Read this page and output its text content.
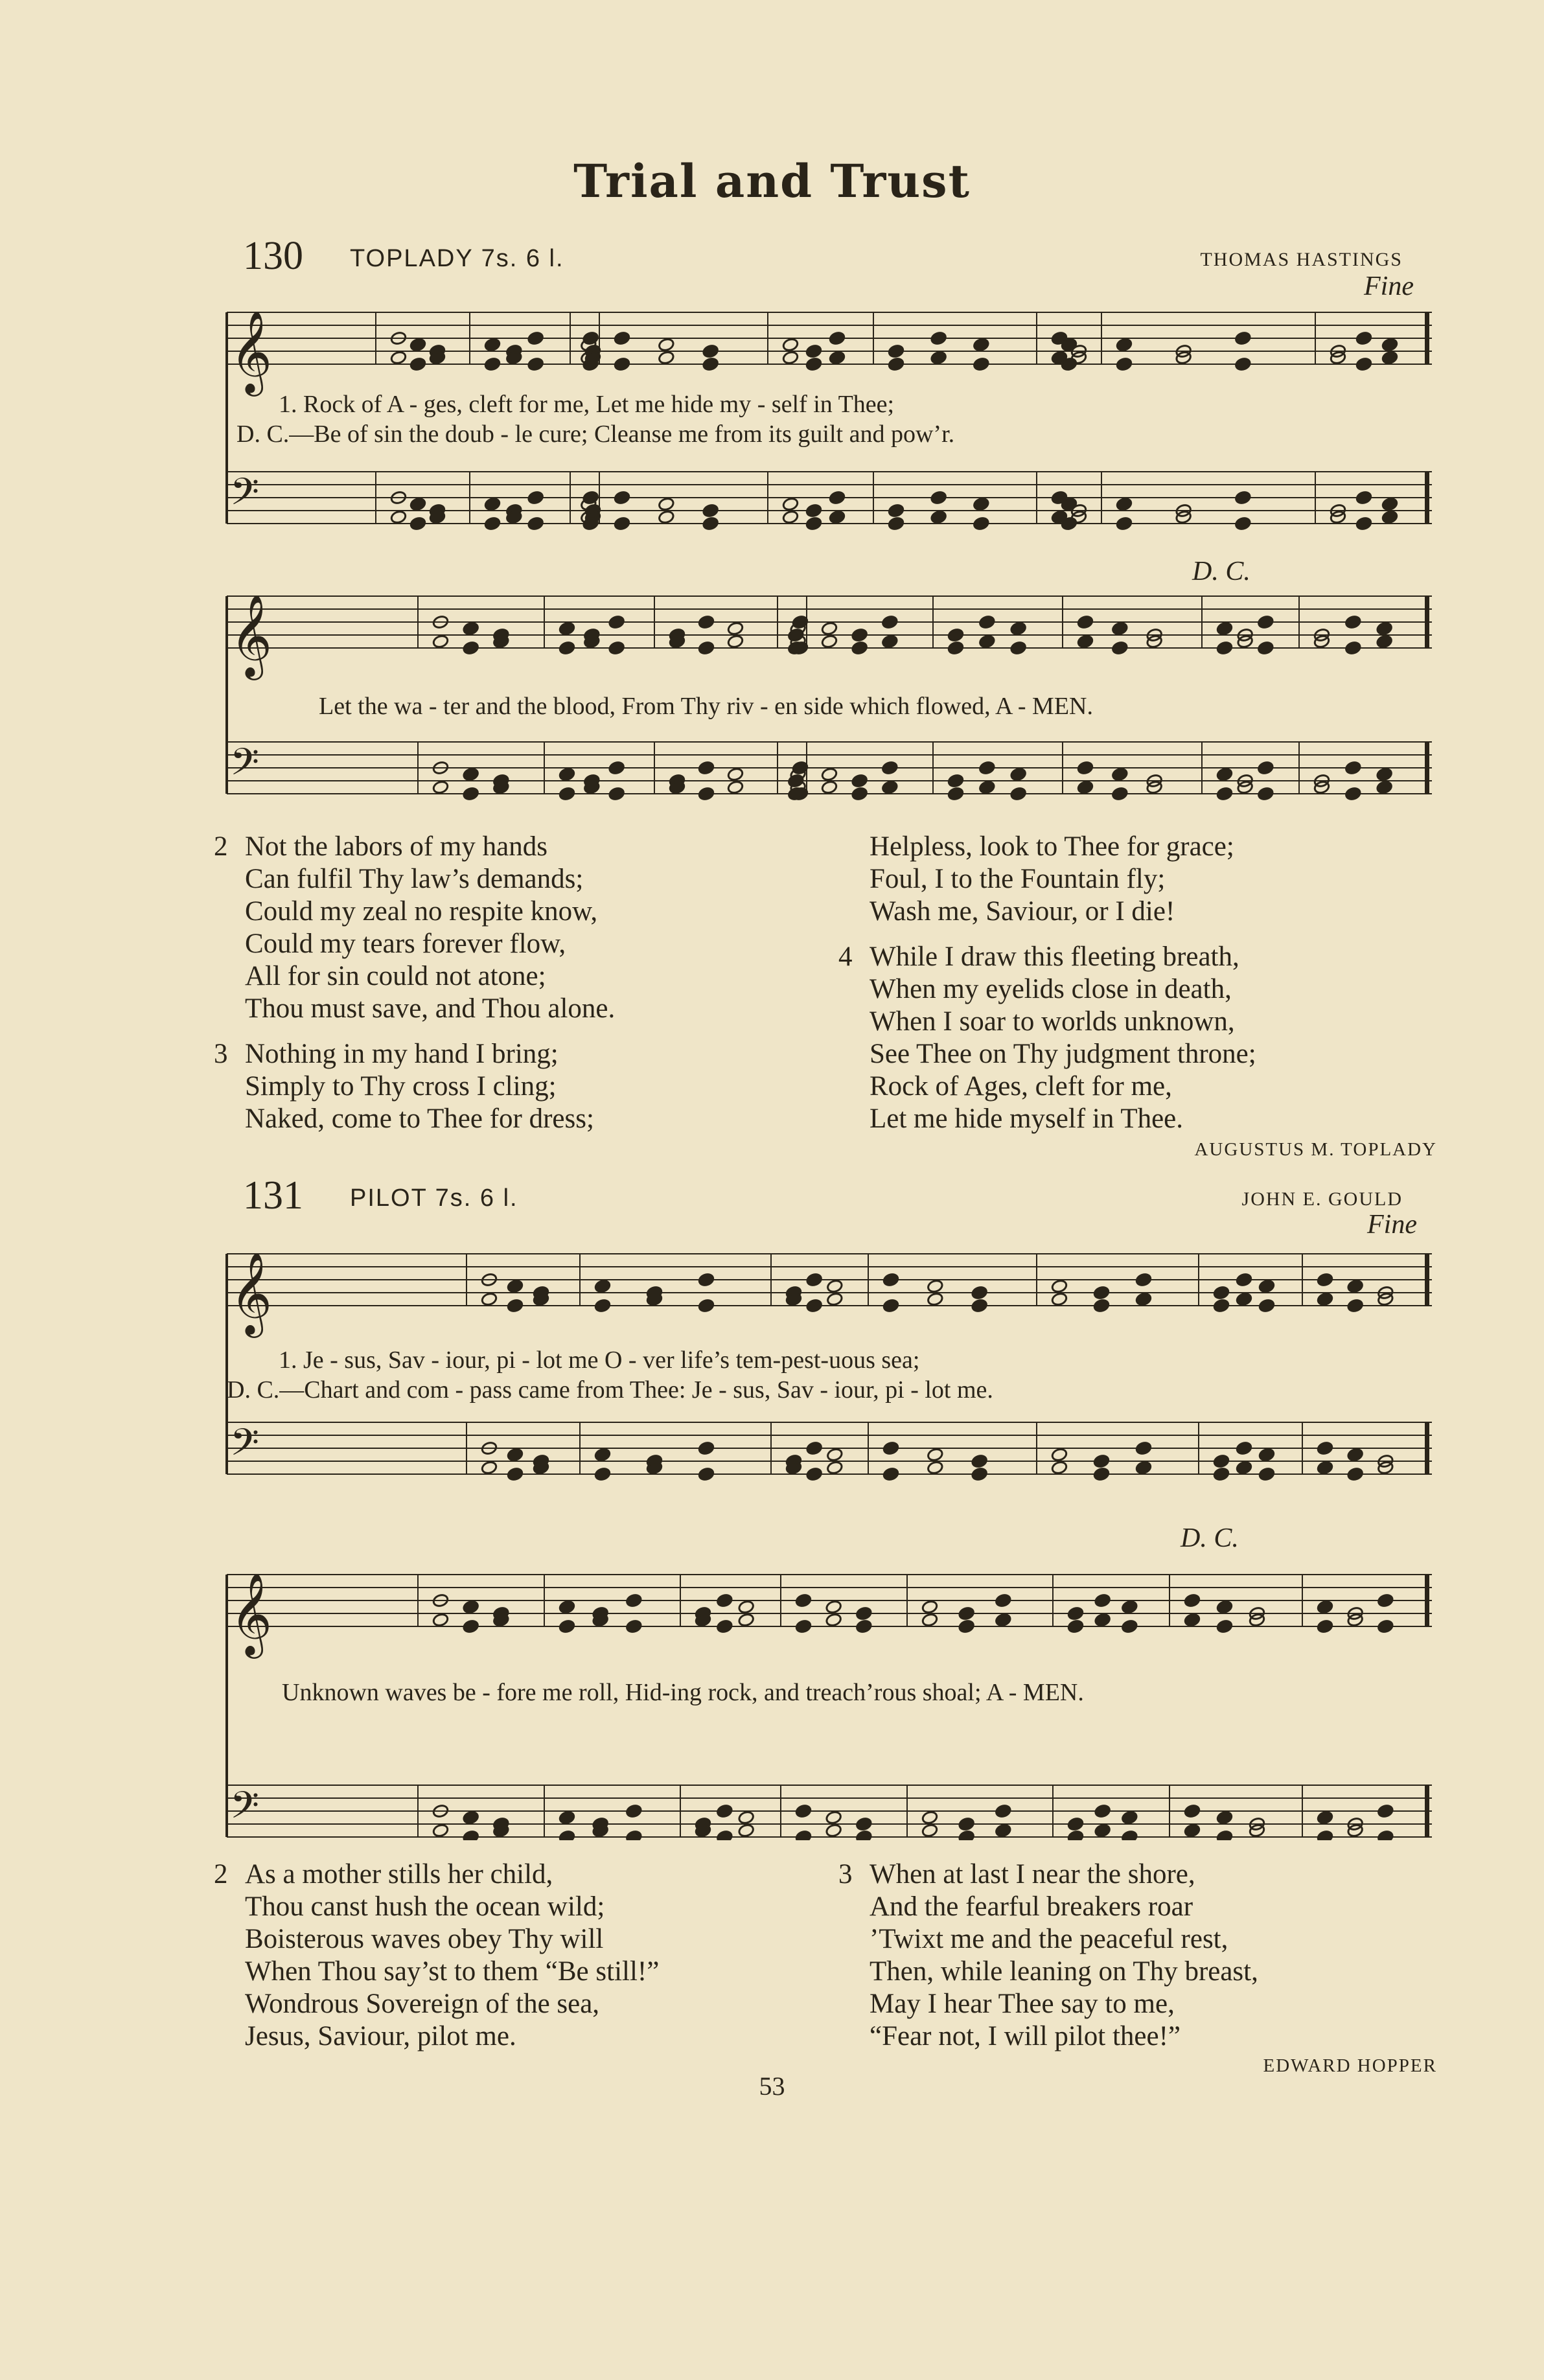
Trial and Trust
130 TOPLADY 7s. 6 l.	THOMAS HASTINGS
Fine
𝄞
𝄢
1. Rock of A - ges, cleft for me, Let me hide my - self in Thee;
D. C.—Be of sin the doub - le cure; Cleanse me from its guilt and pow’r.
D. C.
𝄞
𝄢
Let the wa - ter and the blood, From Thy riv - en side which flowed, A - MEN.
2 Not the labors of my hands
Can fulfil Thy law’s demands;
Could my zeal no respite know,
Could my tears forever flow,
All for sin could not atone;
Thou must save, and Thou alone.
3 Nothing in my hand I bring;
Simply to Thy cross I cling;
Naked, come to Thee for dress;
Helpless, look to Thee for grace;
Foul, I to the Fountain fly;
Wash me, Saviour, or I die!
4 While I draw this fleeting breath,
When my eyelids close in death,
When I soar to worlds unknown,
See Thee on Thy judgment throne;
Rock of Ages, cleft for me,
Let me hide myself in Thee.
AUGUSTUS M. TOPLADY
131 PILOT 7s. 6 l.	JOHN E. GOULD
Fine
𝄞
𝄢
1. Je - sus, Sav - iour, pi - lot me O - ver life’s tem-pest-uous sea;
D. C.—Chart and com - pass came from Thee: Je - sus, Sav - iour, pi - lot me.
D. C.
𝄞
𝄢
Unknown waves be - fore me roll, Hid-ing rock, and treach’rous shoal; A - MEN.
2 As a mother stills her child,
Thou canst hush the ocean wild;
Boisterous waves obey Thy will
When Thou say’st to them “Be still!”
Wondrous Sovereign of the sea,
Jesus, Saviour, pilot me.
3 When at last I near the shore,
And the fearful breakers roar
’Twixt me and the peaceful rest,
Then, while leaning on Thy breast,
May I hear Thee say to me,
“Fear not, I will pilot thee!”
EDWARD HOPPER
53
